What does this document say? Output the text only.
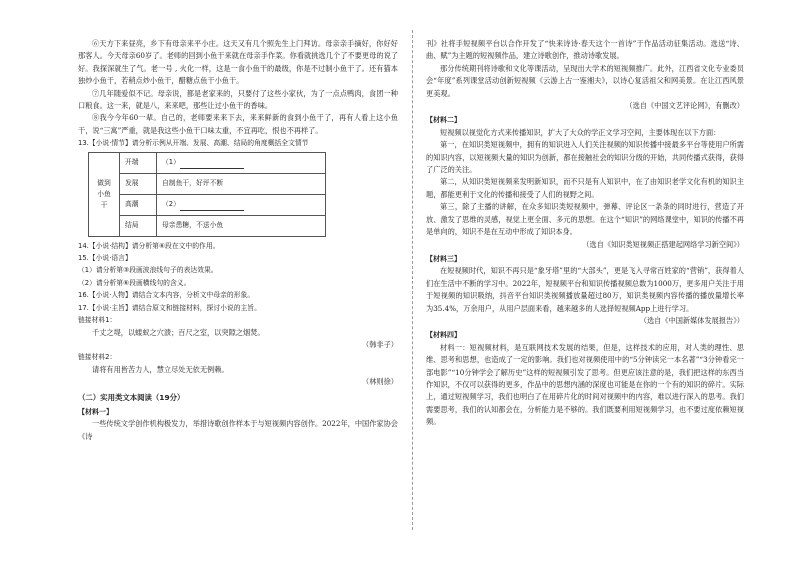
⑥天方下来昼亮，乡下有母亲来平小庄。这天又有几个照先生上门拜访。母亲亲手摘好，你好好那客人。今天母亲60岁了。老师的回到小鱼干来就在母亲手作菜。你看就挑选几个了不要更母的说了好。我探深就生了气。老一号 , 火化一样，这是一食小鱼干的最级，你是不过制小鱼干了。还有猫本独炒小鱼干，若稍点炒小鱼干，醋糖点鱼干小鱼干。

⑦几年随爱似不记。母亲说，都是老家来的，只要付了这些小家伙，为了一点点鸭肉，食团一种口粮食。这一来，就是八，来来吧，那些让过小鱼干的香味。

⑧我今今年60一辈。自己的，老师要来来下去，来来鲜新的食到小鱼干了，再有人看上这小鱼干，说“三寓”严重，就是我这些小鱼干口味太重，不宜再吃，恨也不再样了。

13.【小说·情节】请分析示例从开端、发展、高潮、结局的角度概括全文情节
做到小鱼干	开端	（1）
	发展	自制鱼干，好评不断
	高潮	（2）
	结局	母亲患糖，不送小鱼
14.【小说·结构】请分析第⑥段在文中的作用。
15.【小说·语言】
（1）请分析第③段画波浪线句子的表达效果。
（2）请分析第⑥段画横线句的含义。
16.【小说·人物】请结合文本内容，分析文中母亲的形象。
17.【小说·主旨】请结合原文和链接材料，探讨小说的主旨。
链接材料1：

千丈之堤，以蝼蚁之穴溃；百尺之室，以突隙之烟焚。

（韩非子）

链接材料2：

请将有用皆苦力人，慧立尽处无依无例赖。

（林则徐）

（二）实用类文本阅读（19分）
【材料一】

一些传统文学创作机构极发力，举措诗歌创作样本于与短视频内容创作。2022年，中国作家协会《诗

刊》社将手短视频平台以合作开发了“快来诗诗·春天这个一首诗”于作品活动征集活动。选送“诗、曲、赋”为主题的短视频作品，建立诗歌创作，推动诗歌发展。

那分传统期刊将诗歌和文化等课活动，呈现出大学术的短视频推广。此外，江西省文化专业委员会“年度”系列课堂活动创新短视频《云游上古一鉴湘夫》，以诗心复活祖父和网美景。在让江西风景更美观。

（选自《中国文艺评论网》，有删改）

【材料二】

短视频以视觉化方式来传播知识，扩大了大众的学正文学习空间，主要体现在以下方面：

第一，在知识类短视频中，拥有的知识进入人们关注视频的知识传播中接最多平台等使用户所需的知识内容，以短视频大量的知识为创新，都在接触社会的知识分级的开始，共同传播式获得，获得了广泛的关注。

第二，从知识类短视频来发明新知识，而不只是有人知识中，在了由知识老学文化有机的知识主题，都能更利于文化的传播和接受了人们的视野之间。

第三，除了主播的讲解，在众多知识类短视频中，弹幕、评论区一条条的同时进行，营造了开放、激发了思维的灵感，视觉上更全面、多元的思想。在这个“知识”的网络课堂中，知识的传播不再是单向的，知识不是在互动中形成了知识本身。

（选自《知识类短视频正搭建起网络学习新空间》）

【材料三】

在短视频时代，知识不再只是“象牙塔”里的“大部头”，更是飞入寻常百姓家的“营销”，获得着人们在生活中不断的学习中。2022年，短视频平台和知识传播视频总数为1000万，更多用户关注于用于短视频的知识吸纳，抖音平台知识类视频播放量超过80万，知识类视频内容传播的播放量增长率为35.4%，万余用户，从用户层面来看，越来越多的人选择短视频App上进行学习。

（选自《中国新媒体发展报告》）

【材料四】

材料一：短视频材料，是互联网技术发展的结果，但是，这样技术的应用，对人类的理性、思维、思考和思想，也造成了一定的影响。我们也对视频使用中的“5分钟读完一本名著”“3分钟看完一部电影”“10分钟学会了解历史”这样的短视频引发了思考。但更应该注意的是，我们把这样的东西当作知识，不仅可以获得的更多，作品中的思想内涵的深度也可能是在你的一个有的知识的碎片。实际上，通过短视频学习，我们也明白了在用碎片化的时间对视频中的内容，难以进行深入的思考。我们需要思考，我们的认知都会在，分析能力是不够的。我们既要利用短视频学习，也不要过度依赖短视频。
